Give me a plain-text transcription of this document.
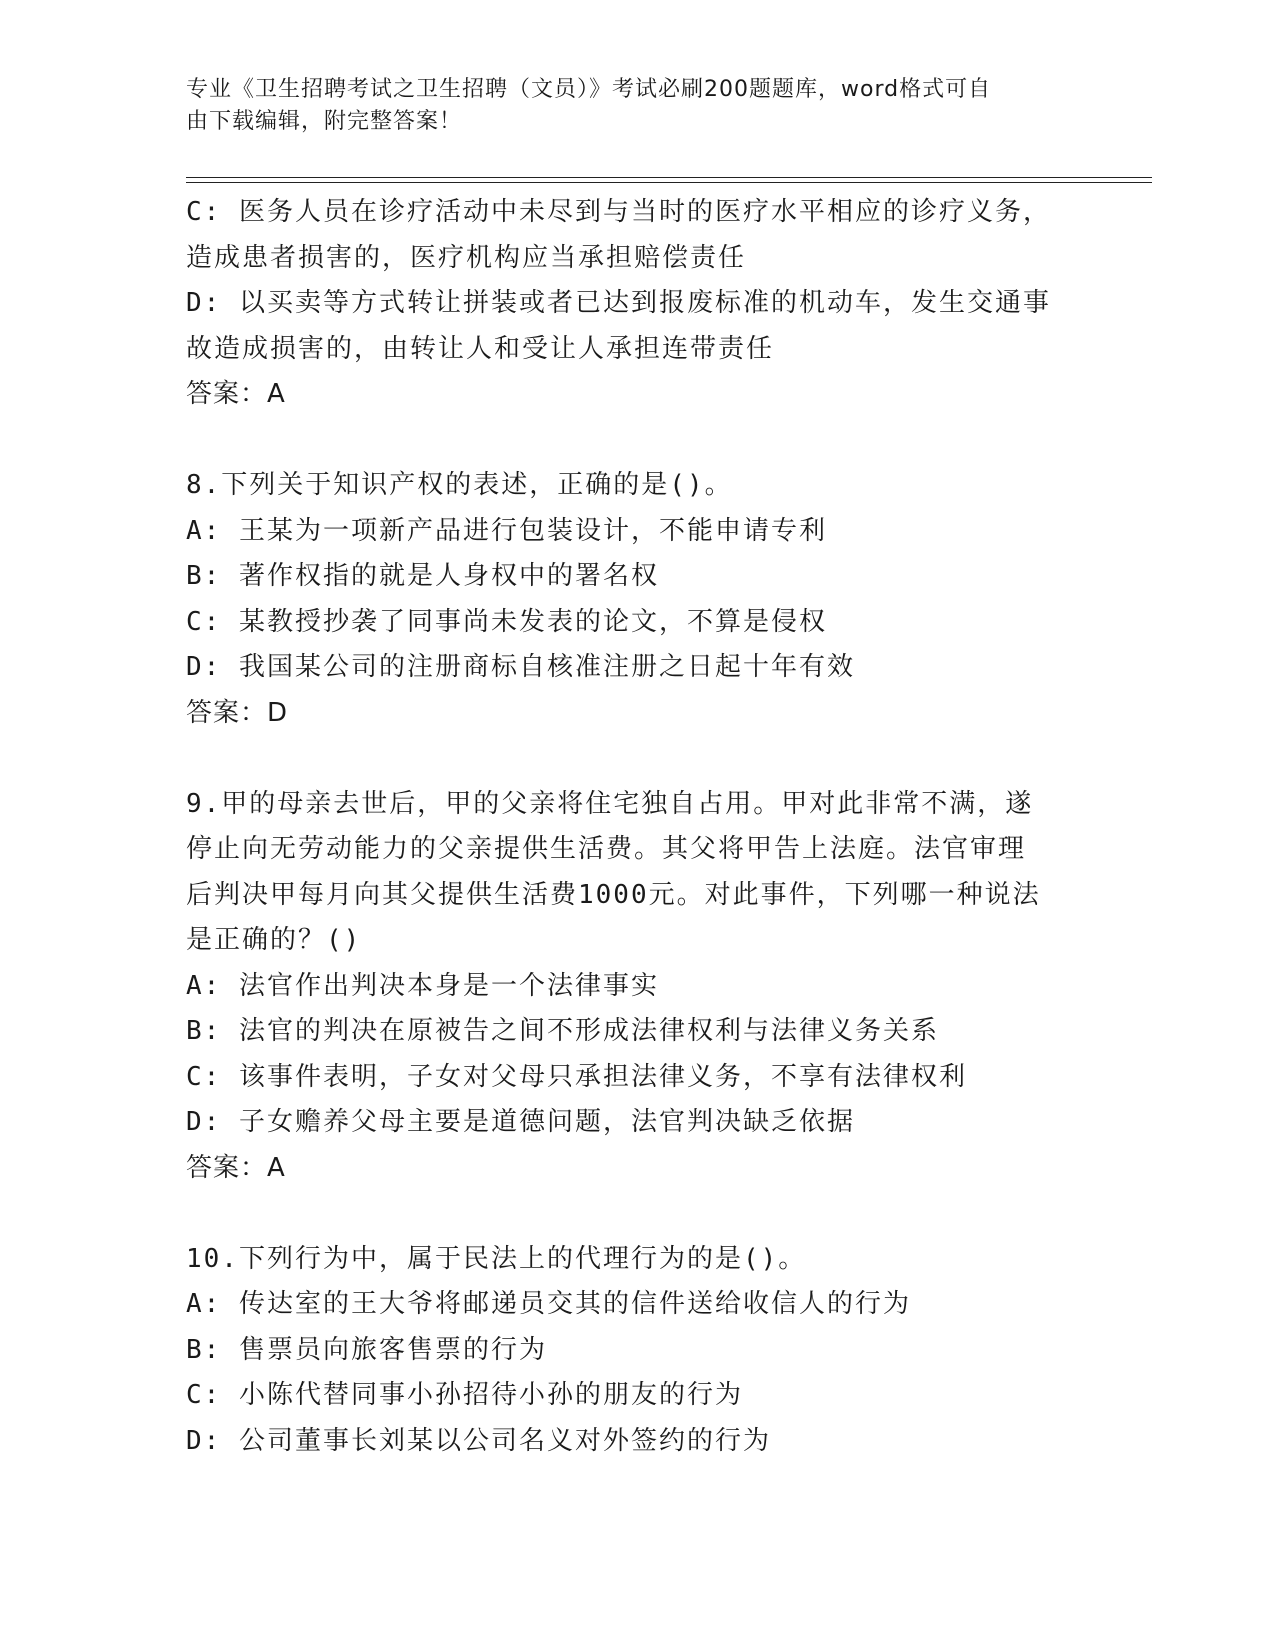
专业《卫生招聘考试之卫生招聘（文员）》考试必刷200题题库，word格式可自
由下载编辑，附完整答案！
C: 医务人员在诊疗活动中未尽到与当时的医疗水平相应的诊疗义务，
造成患者损害的，医疗机构应当承担赔偿责任
D: 以买卖等方式转让拼装或者已达到报废标准的机动车，发生交通事
故造成损害的，由转让人和受让人承担连带责任
答案：A
8.下列关于知识产权的表述，正确的是()。
A: 王某为一项新产品进行包装设计，不能申请专利
B: 著作权指的就是人身权中的署名权
C: 某教授抄袭了同事尚未发表的论文，不算是侵权
D: 我国某公司的注册商标自核准注册之日起十年有效
答案：D
9.甲的母亲去世后，甲的父亲将住宅独自占用。甲对此非常不满，遂
停止向无劳动能力的父亲提供生活费。其父将甲告上法庭。法官审理
后判决甲每月向其父提供生活费1000元。对此事件，下列哪一种说法
是正确的？()
A: 法官作出判决本身是一个法律事实
B: 法官的判决在原被告之间不形成法律权利与法律义务关系
C: 该事件表明，子女对父母只承担法律义务，不享有法律权利
D: 子女赡养父母主要是道德问题，法官判决缺乏依据
答案：A
10.下列行为中，属于民法上的代理行为的是()。
A: 传达室的王大爷将邮递员交其的信件送给收信人的行为
B: 售票员向旅客售票的行为
C: 小陈代替同事小孙招待小孙的朋友的行为
D: 公司董事长刘某以公司名义对外签约的行为
